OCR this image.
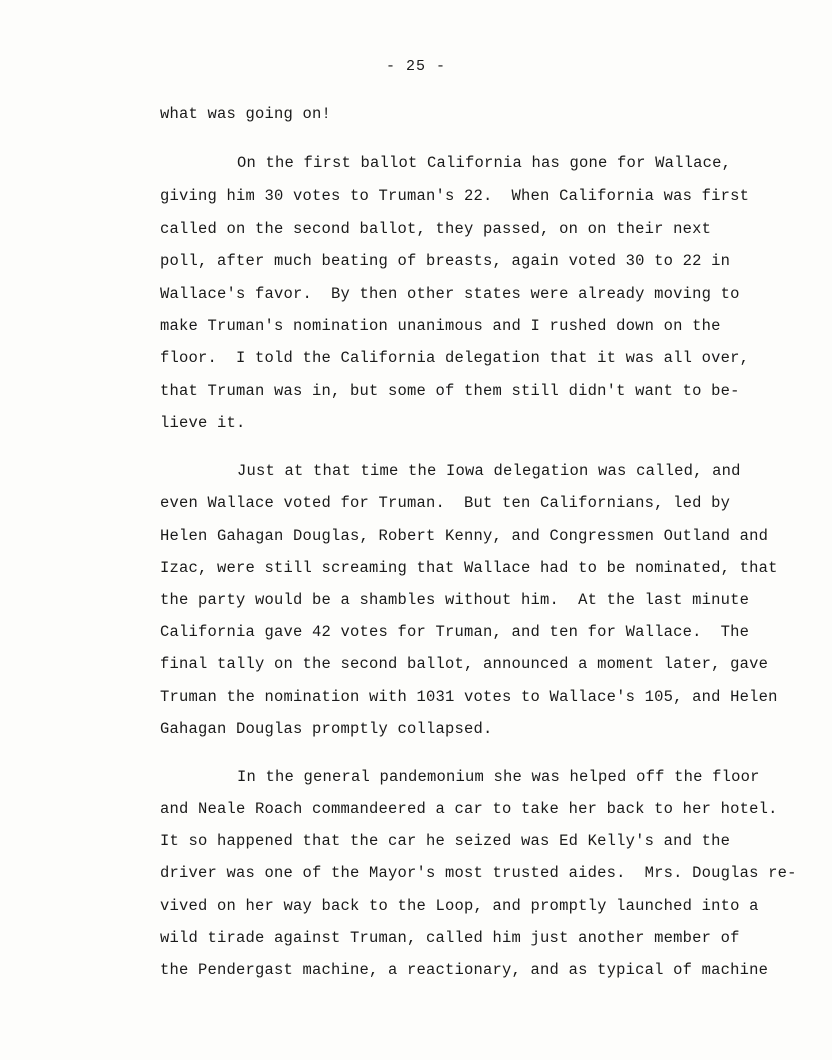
- 25 -
what was going on!
On the first ballot California has gone for Wallace,
giving him 30 votes to Truman's 22.  When California was first
called on the second ballot, they passed, on on their next
poll, after much beating of breasts, again voted 30 to 22 in
Wallace's favor.  By then other states were already moving to
make Truman's nomination unanimous and I rushed down on the
floor.  I told the California delegation that it was all over,
that Truman was in, but some of them still didn't want to be-
lieve it.
Just at that time the Iowa delegation was called, and
even Wallace voted for Truman.  But ten Californians, led by
Helen Gahagan Douglas, Robert Kenny, and Congressmen Outland and
Izac, were still screaming that Wallace had to be nominated, that
the party would be a shambles without him.  At the last minute
California gave 42 votes for Truman, and ten for Wallace.  The
final tally on the second ballot, announced a moment later, gave
Truman the nomination with 1031 votes to Wallace's 105, and Helen
Gahagan Douglas promptly collapsed.
In the general pandemonium she was helped off the floor
and Neale Roach commandeered a car to take her back to her hotel.
It so happened that the car he seized was Ed Kelly's and the
driver was one of the Mayor's most trusted aides.  Mrs. Douglas re-
vived on her way back to the Loop, and promptly launched into a
wild tirade against Truman, called him just another member of
the Pendergast machine, a reactionary, and as typical of machine
